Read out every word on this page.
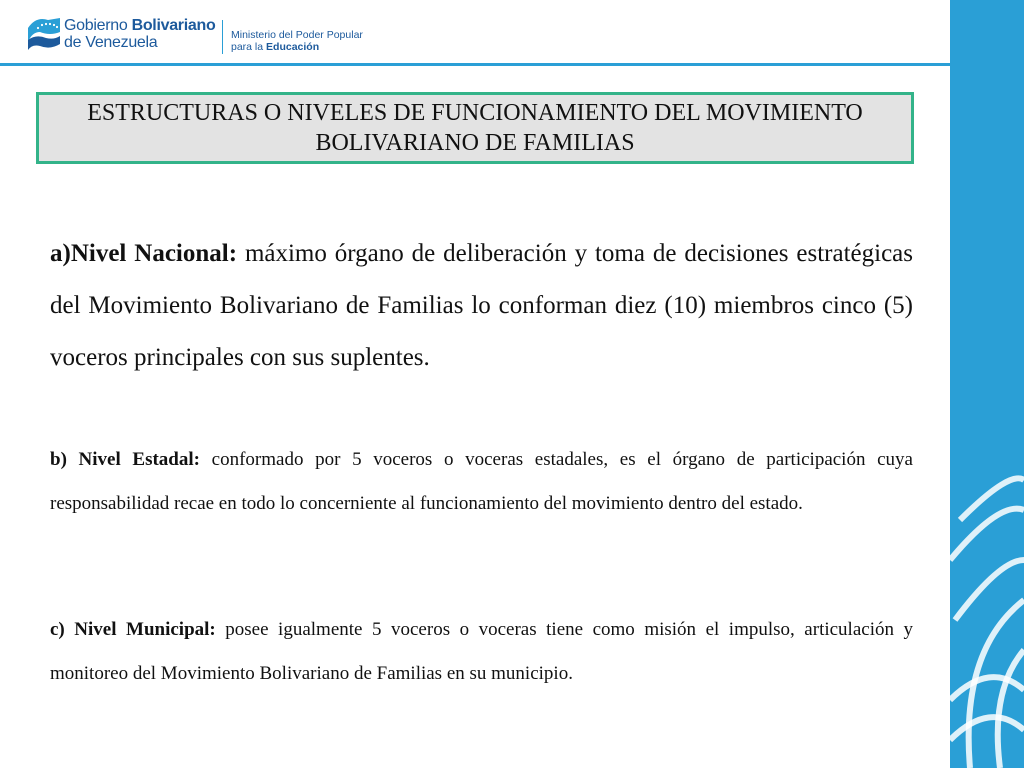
Gobierno Bolivariano
de Venezuela	Ministerio del Poder Popular
para la Educación
ESTRUCTURAS O NIVELES DE FUNCIONAMIENTO DEL MOVIMIENTO BOLIVARIANO DE FAMILIAS
a)Nivel Nacional: máximo órgano de deliberación y toma de decisiones estratégicas del Movimiento Bolivariano de Familias lo conforman diez (10) miembros cinco (5) voceros principales con sus suplentes.
b) Nivel Estadal: conformado por 5 voceros o voceras estadales, es el órgano de participación cuya responsabilidad recae en todo lo concerniente al funcionamiento del movimiento dentro del estado.
c) Nivel Municipal: posee igualmente 5 voceros o voceras tiene como misión el impulso, articulación y monitoreo del Movimiento Bolivariano de Familias en su municipio.
